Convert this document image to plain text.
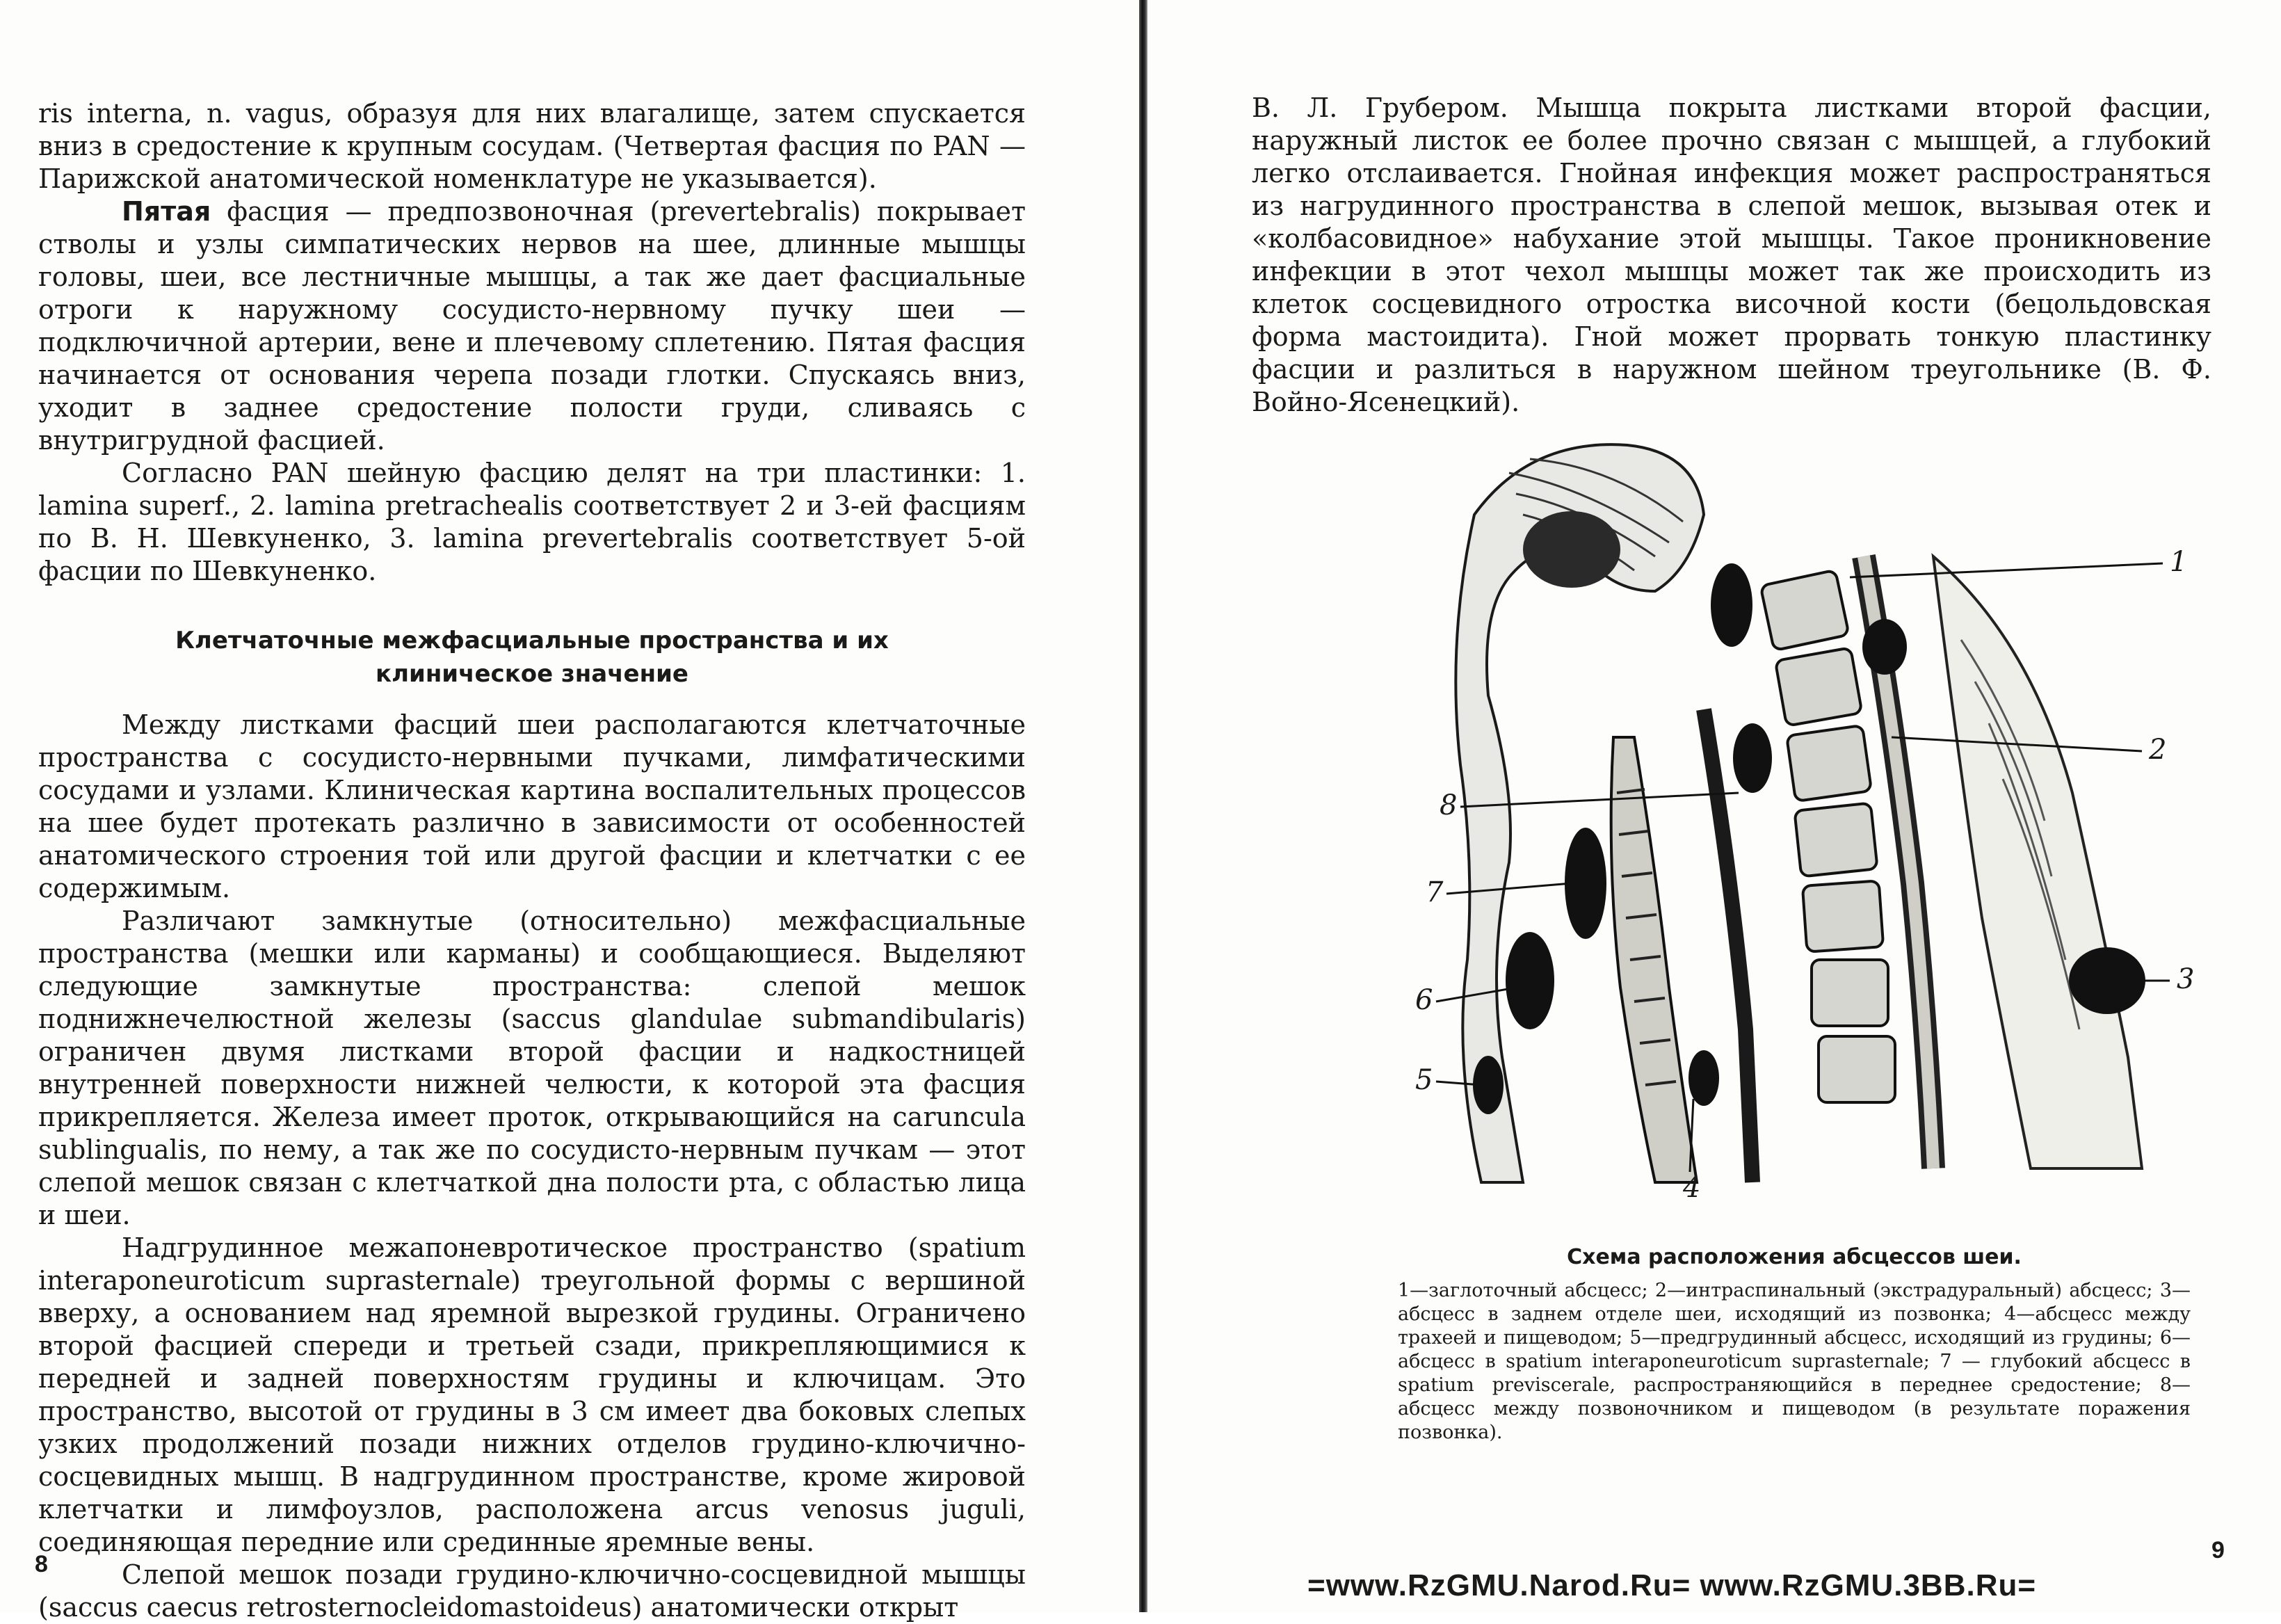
ris interna, n. vagus, образуя для них влагалище, затем спускается вниз в средостение к крупным сосудам. (Четвертая фасция по PAN — Парижской анатомической номенклатуре не указывается).

Пятая фасция — предпозвоночная (prevertebralis) покрывает стволы и узлы симпатических нервов на шее, длинные мышцы головы, шеи, все лестничные мышцы, а так же дает фасциальные отроги к наружному сосудисто-нервному пучку шеи — подключичной артерии, вене и плечевому сплетению. Пятая фасция начинается от основания черепа позади глотки. Спускаясь вниз, уходит в заднее средостение полости груди, сливаясь с внутригрудной фасцией.

Согласно PAN шейную фасцию делят на три пластинки: 1. lamina superf., 2. lamina pretrachealis соответствует 2 и 3-ей фасциям по В. Н. Шевкуненко, 3. lamina prevertebralis соответствует 5-ой фасции по Шевкуненко.

Клетчаточные межфасциальные пространства и их
клиническое значение

Между листками фасций шеи располагаются клетчаточные пространства с сосудисто-нервными пучками, лимфатическими сосудами и узлами. Клиническая картина воспалительных процессов на шее будет протекать различно в зависимости от особенностей анатомического строения той или другой фасции и клетчатки с ее содержимым.

Различают замкнутые (относительно) межфасциальные пространства (мешки или карманы) и сообщающиеся. Выделяют следующие замкнутые пространства: слепой мешок поднижнечелюстной железы (saccus glandulae submandibularis) ограничен двумя листками второй фасции и надкостницей внутренней поверхности нижней челюсти, к которой эта фасция прикрепляется. Железа имеет проток, открывающийся на caruncula sublingualis, по нему, а так же по сосудисто-нервным пучкам — этот слепой мешок связан с клетчаткой дна полости рта, с областью лица и шеи.

Надгрудинное межапоневротическое пространство (spatium interaponeuroticum suprasternale) треугольной формы с вершиной вверху, а основанием над яремной вырезкой грудины. Ограничено второй фасцией спереди и третьей сзади, прикрепляющимися к передней и задней поверхностям грудины и ключицам. Это пространство, высотой от грудины в 3 см имеет два боковых слепых узких продолжений позади нижних отделов грудино-ключично-сосцевидных мышц. В надгрудинном пространстве, кроме жировой клетчатки и лимфоузлов, расположена arcus venosus juguli, соединяющая передние или срединные яремные вены.

Слепой мешок позади грудино-ключично-сосцевидной мышцы (saccus caecus retrosternocleidomastoideus) анатомически открыт

8

В. Л. Грубером. Мышца покрыта листками второй фасции, наружный листок ее более прочно связан с мышцей, а глубокий легко отслаивается. Гнойная инфекция может распространяться из нагрудинного пространства в слепой мешок, вызывая отек и «колбасовидное» набухание этой мышцы. Такое проникновение инфекции в этот чехол мышцы может так же происходить из клеток сосцевидного отростка височной кости (бецольдовская форма мастоидита). Гной может прорвать тонкую пластинку фасции и разлиться в наружном шейном треугольнике (В. Ф. Войно-Ясенецкий).

1
2
3
4
5
6
7
8
Схема расположения абсцессов шеи.
1—заглоточный абсцесс; 2—интраспинальный (экстрадуральный) абсцесс; 3—абсцесс в заднем отделе шеи, исходящий из позвонка; 4—абсцесс между трахеей и пищеводом; 5—предгрудинный абсцесс, исходящий из грудины; 6—абсцесс в spatium interaponeuroticum suprasternale; 7 — глубокий абсцесс в spatium previscerale, распространяющийся в переднее средостение; 8—абсцесс между позвоночником и пищеводом (в результате поражения позвонка).
9
=www.RzGMU.Narod.Ru= www.RzGMU.3BB.Ru=
